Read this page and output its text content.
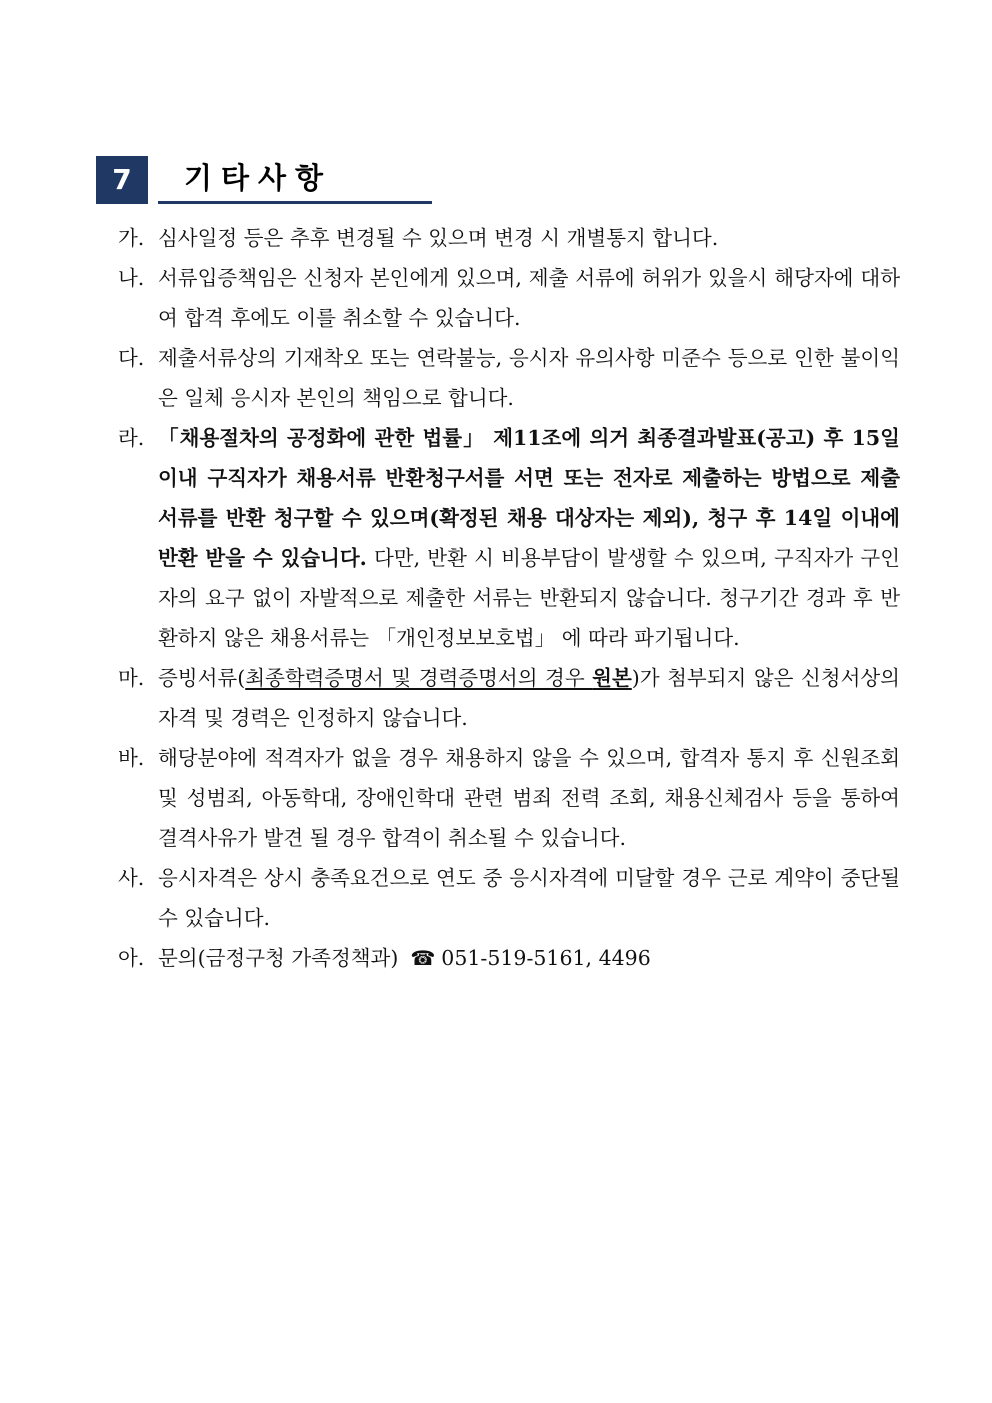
7	기타사항
가. 심사일정 등은 추후 변경될 수 있으며 변경 시 개별통지 합니다.
나. 서류입증책임은 신청자 본인에게 있으며, 제출 서류에 허위가 있을시 해당자에 대하여 합격 후에도 이를 취소할 수 있습니다.
다. 제출서류상의 기재착오 또는 연락불능, 응시자 유의사항 미준수 등으로 인한 불이익은 일체 응시자 본인의 책임으로 합니다.
라. 「채용절차의 공정화에 관한 법률」 제11조에 의거 최종결과발표(공고) 후 15일 이내 구직자가 채용서류 반환청구서를 서면 또는 전자로 제출하는 방법으로 제출 서류를 반환 청구할 수 있으며(확정된 채용 대상자는 제외), 청구 후 14일 이내에 반환 받을 수 있습니다. 다만, 반환 시 비용부담이 발생할 수 있으며, 구직자가 구인자의 요구 없이 자발적으로 제출한 서류는 반환되지 않습니다. 청구기간 경과 후 반환하지 않은 채용서류는 「개인정보보호법」 에 따라 파기됩니다.
마. 증빙서류(최종학력증명서 및 경력증명서의 경우 원본)가 첨부되지 않은 신청서상의 자격 및 경력은 인정하지 않습니다.
바. 해당분야에 적격자가 없을 경우 채용하지 않을 수 있으며, 합격자 통지 후 신원조회 및 성범죄, 아동학대, 장애인학대 관련 범죄 전력 조회, 채용신체검사 등을 통하여 결격사유가 발견 될 경우 합격이 취소될 수 있습니다.
사. 응시자격은 상시 충족요건으로 연도 중 응시자격에 미달할 경우 근로 계약이 중단될 수 있습니다.
아. 문의(금정구청 가족정책과) ☎ 051-519-5161, 4496
